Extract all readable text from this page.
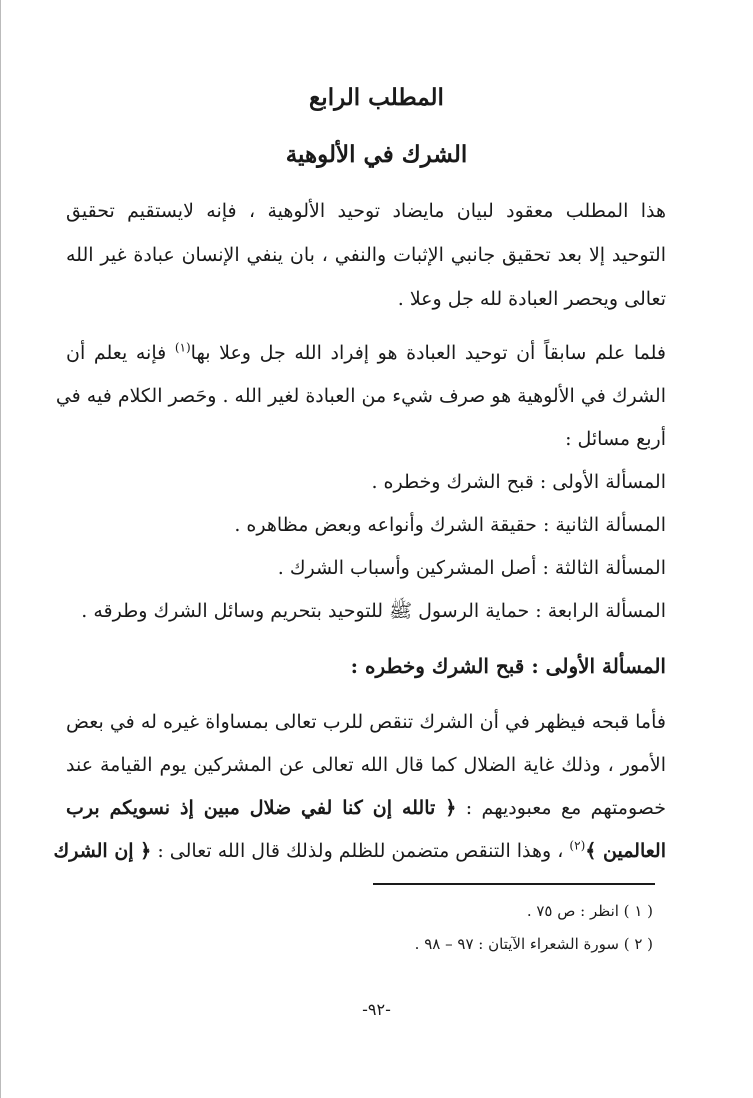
المطلب الرابع
الشرك في الألوهية
هذا المطلب معقود لبيان مايضاد توحيد الألوهية ، فإنه لايستقيم تحقيق
التوحيد إلا بعد تحقيق جانبي الإثبات والنفي ، بان ينفي الإنسان عبادة غير الله
تعالى ويحصر العبادة لله جل وعلا .
فلما علم سابقاً أن توحيد العبادة هو إفراد الله جل وعلا بها$^{(١)}$ فإنه يعلم أن
الشرك في الألوهية هو صرف شيء من العبادة لغير الله . وحَصر الكلام فيه في
أربع مسائل :
المسألة الأولى : قبح الشرك وخطره .
المسألة الثانية : حقيقة الشرك وأنواعه وبعض مظاهره .
المسألة الثالثة : أصل المشركين وأسباب الشرك .
المسألة الرابعة : حماية الرسول ﷺ للتوحيد بتحريم وسائل الشرك وطرقه .
المسألة الأولى : قبح الشرك وخطره :
فأما قبحه فيظهر في أن الشرك تنقص للرب تعالى بمساواة غيره له في بعض
الأمور ، وذلك غاية الضلال كما قال الله تعالى عن المشركين يوم القيامة عند
خصومتهم مع معبوديهم : ﴿ تالله إن كنا لفي ضلال مبين إذ نسويكم برب
العالمين ﴾$^{(٢)}$ ، وهذا التنقص متضمن للظلم ولذلك قال الله تعالى : ﴿ إن الشرك
( ١ ) انظر : ص ٧٥ .
( ٢ ) سورة الشعراء الآيتان : ٩٧ – ٩٨ .
-٩٢-
